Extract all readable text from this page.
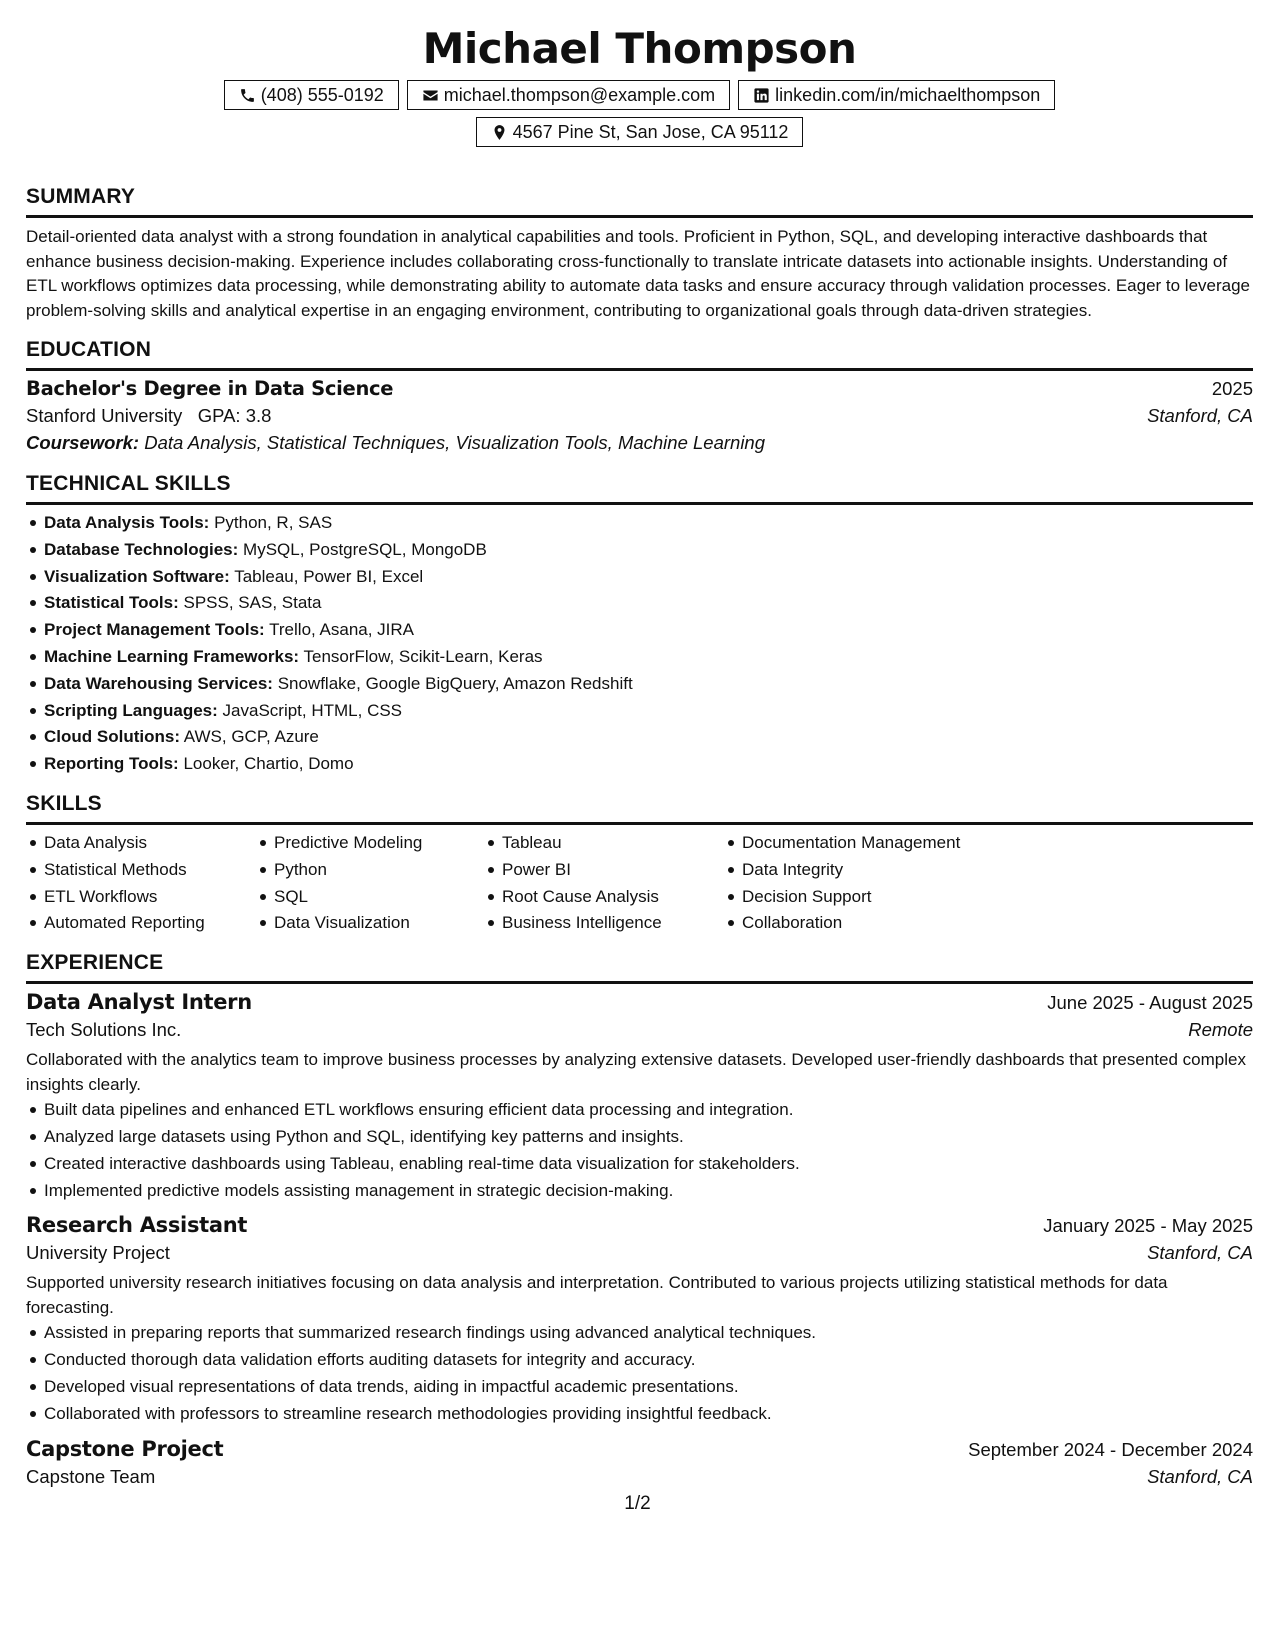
Michael Thompson
(408) 555-0192	michael.thompson@example.com	linkedin.com/in/michaelthompson
4567 Pine St, San Jose, CA 95112
SUMMARY

Detail-oriented data analyst with a strong foundation in analytical capabilities and tools. Proficient in Python, SQL, and developing interactive dashboards that enhance business decision-making. Experience includes collaborating cross-functionally to translate intricate datasets into actionable insights. Understanding of ETL workflows optimizes data processing, while demonstrating ability to automate data tasks and ensure accuracy through validation processes. Eager to leverage problem-solving skills and analytical expertise in an engaging environment, contributing to organizational goals through data-driven strategies.

EDUCATION
Bachelor's Degree in Data Science	2025
Stanford University GPA: 3.8	Stanford, CA
Coursework: Data Analysis, Statistical Techniques, Visualization Tools, Machine Learning
TECHNICAL SKILLS
Data Analysis Tools: Python, R, SAS
Database Technologies: MySQL, PostgreSQL, MongoDB
Visualization Software: Tableau, Power BI, Excel
Statistical Tools: SPSS, SAS, Stata
Project Management Tools: Trello, Asana, JIRA
Machine Learning Frameworks: TensorFlow, Scikit-Learn, Keras
Data Warehousing Services: Snowflake, Google BigQuery, Amazon Redshift
Scripting Languages: JavaScript, HTML, CSS
Cloud Solutions: AWS, GCP, Azure
Reporting Tools: Looker, Chartio, Domo
SKILLS
Data Analysis
Statistical Methods
ETL Workflows
Automated Reporting
Predictive Modeling
Python
SQL
Data Visualization
Tableau
Power BI
Root Cause Analysis
Business Intelligence
Documentation Management
Data Integrity
Decision Support
Collaboration
EXPERIENCE
Data Analyst Intern	June 2025 - August 2025
Tech Solutions Inc.	Remote

Collaborated with the analytics team to improve business processes by analyzing extensive datasets. Developed user-friendly dashboards that presented complex insights clearly.

Built data pipelines and enhanced ETL workflows ensuring efficient data processing and integration.
Analyzed large datasets using Python and SQL, identifying key patterns and insights.
Created interactive dashboards using Tableau, enabling real-time data visualization for stakeholders.
Implemented predictive models assisting management in strategic decision-making.
Research Assistant	January 2025 - May 2025
University Project	Stanford, CA

Supported university research initiatives focusing on data analysis and interpretation. Contributed to various projects utilizing statistical methods for data forecasting.

Assisted in preparing reports that summarized research findings using advanced analytical techniques.
Conducted thorough data validation efforts auditing datasets for integrity and accuracy.
Developed visual representations of data trends, aiding in impactful academic presentations.
Collaborated with professors to streamline research methodologies providing insightful feedback.
Capstone Project	September 2024 - December 2024
Capstone Team	Stanford, CA
1/2
